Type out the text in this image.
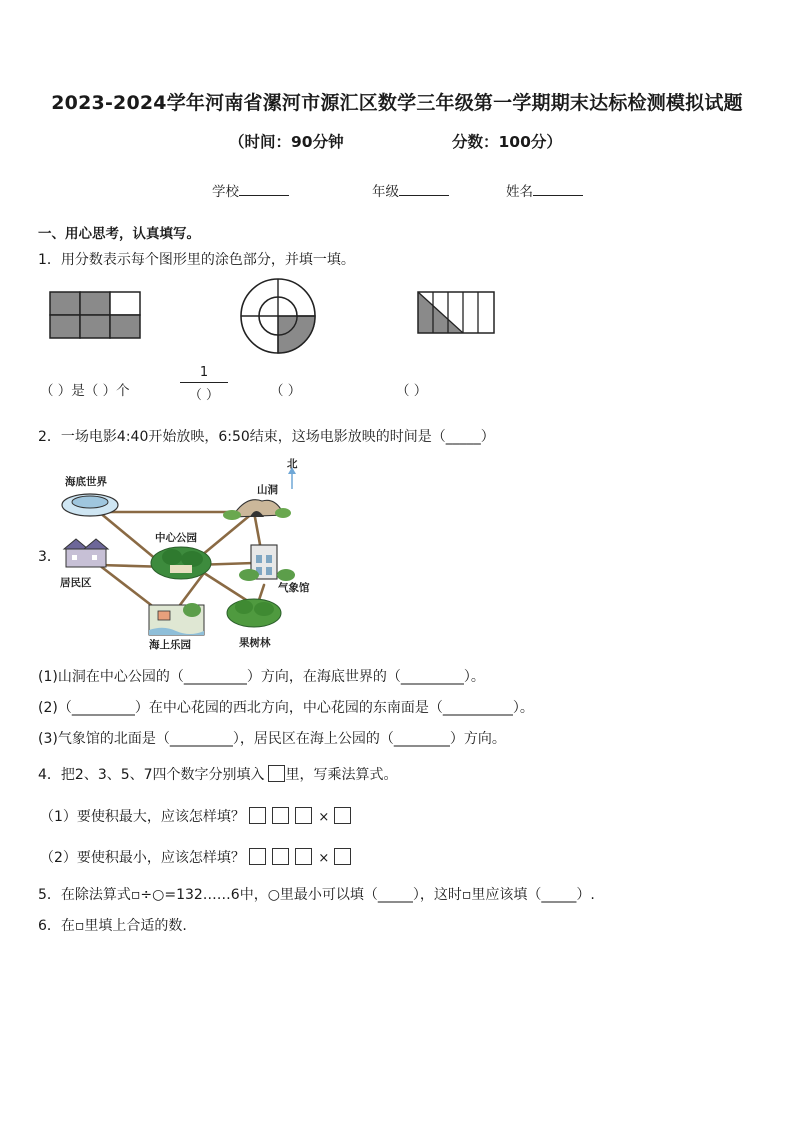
2023-2024学年河南省漯河市源汇区数学三年级第一学期期末达标检测模拟试题
（时间：90分钟	分数：100分）
学校	年级	姓名
一、用心思考，认真填写。
1．用分数表示每个图形里的涂色部分，并填一填。
（ ）是（ ）个
1
（ ）	（ ）	（ ）
2．一场电影4:40开始放映，6:50结束，这场电影放映的时间是（_____）
3．
北
海底世界
山洞
中心公园
居民区	气象馆
海上乐园	果树林
(1)山洞在中心公园的（_________）方向，在海底世界的（_________）。
(2)（_________）在中心花园的西北方向，中心花园的东南面是（__________）。
(3)气象馆的北面是（_________），居民区在海上公园的（________）方向。
4．把2、3、5、7四个数字分别填入 里，写乘法算式。
（1）要使积最大，应该怎样填？	×
（2）要使积最小，应该怎样填？	×
5．在除法算式▫÷○=132……6中，○里最小可以填（_____），这时▫里应该填（_____）.
6．在▫里填上合适的数.
